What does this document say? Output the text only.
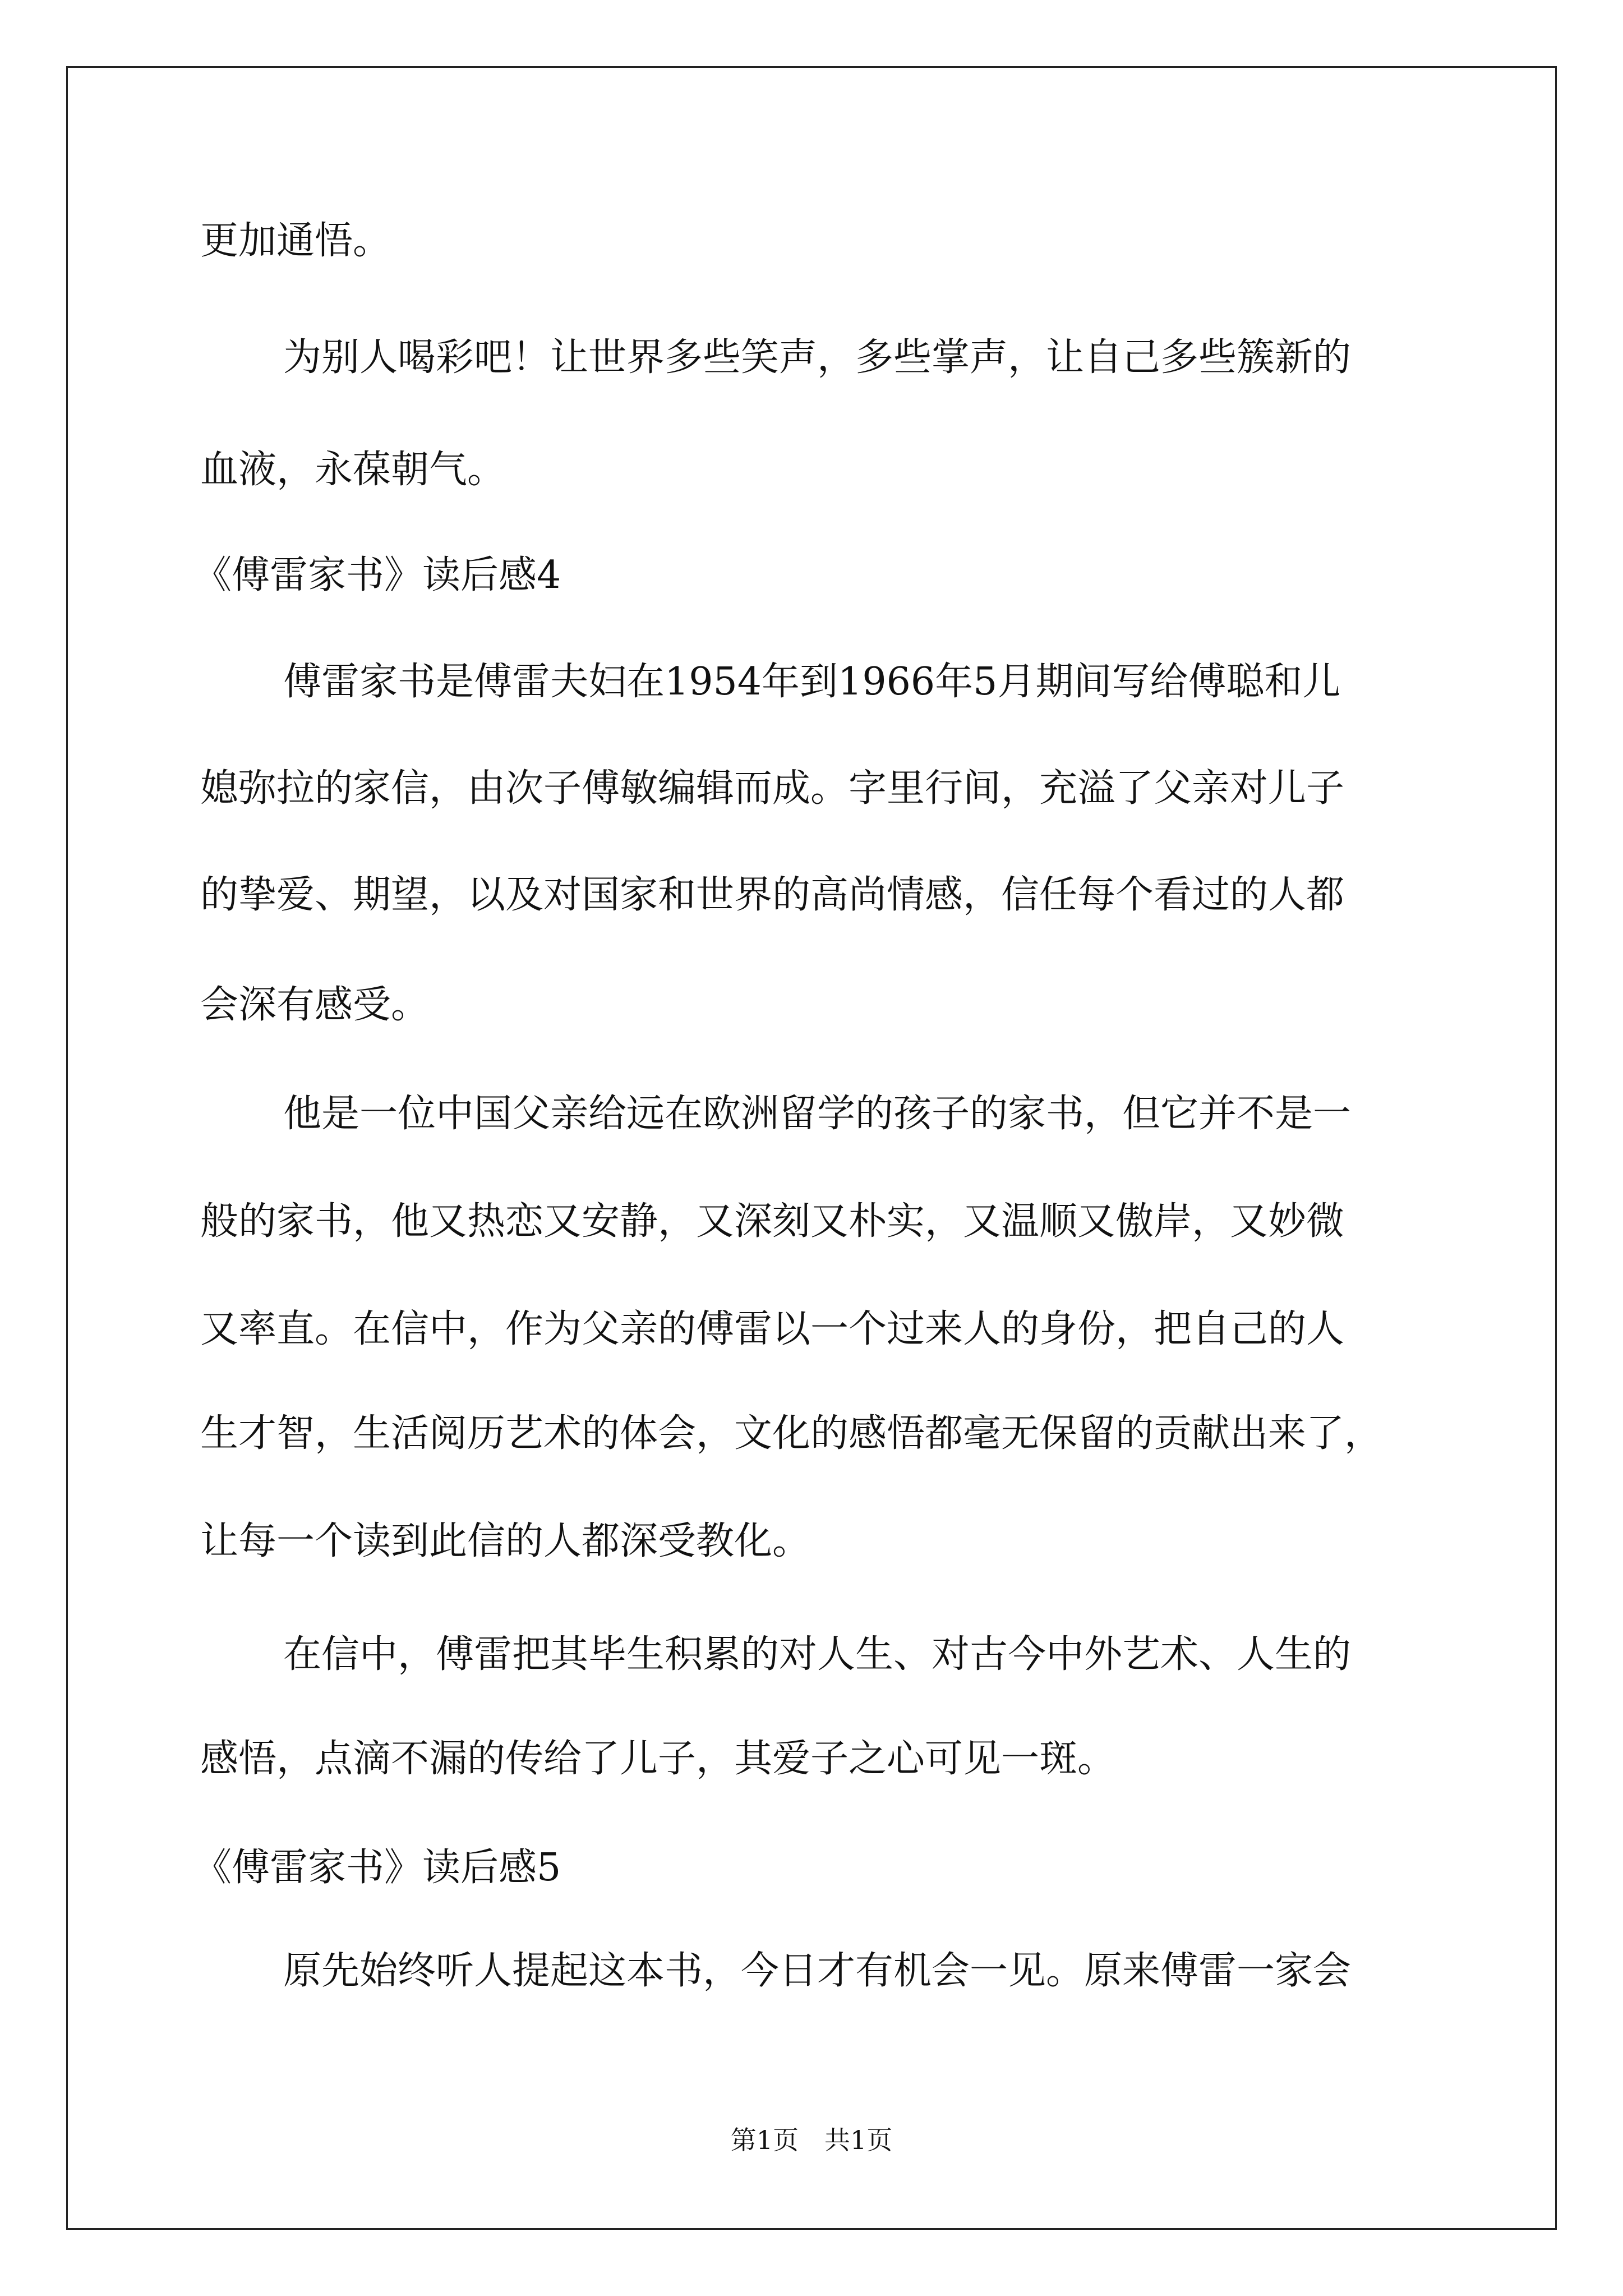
更加通悟。
为别人喝彩吧！让世界多些笑声，多些掌声，让自己多些簇新的
血液，永葆朝气。
《傅雷家书》读后感4
傅雷家书是傅雷夫妇在1954年到1966年5月期间写给傅聪和儿
媳弥拉的家信，由次子傅敏编辑而成。字里行间，充溢了父亲对儿子
的挚爱、期望，以及对国家和世界的高尚情感，信任每个看过的人都
会深有感受。
他是一位中国父亲给远在欧洲留学的孩子的家书，但它并不是一
般的家书，他又热恋又安静，又深刻又朴实，又温顺又傲岸，又妙微
又率直。在信中，作为父亲的傅雷以一个过来人的身份，把自己的人
生才智，生活阅历艺术的体会，文化的感悟都毫无保留的贡献出来了，
让每一个读到此信的人都深受教化。
在信中，傅雷把其毕生积累的对人生、对古今中外艺术、人生的
感悟，点滴不漏的传给了儿子，其爱子之心可见一斑。
《傅雷家书》读后感5
原先始终听人提起这本书，今日才有机会一见。原来傅雷一家会
第1页　共1页
